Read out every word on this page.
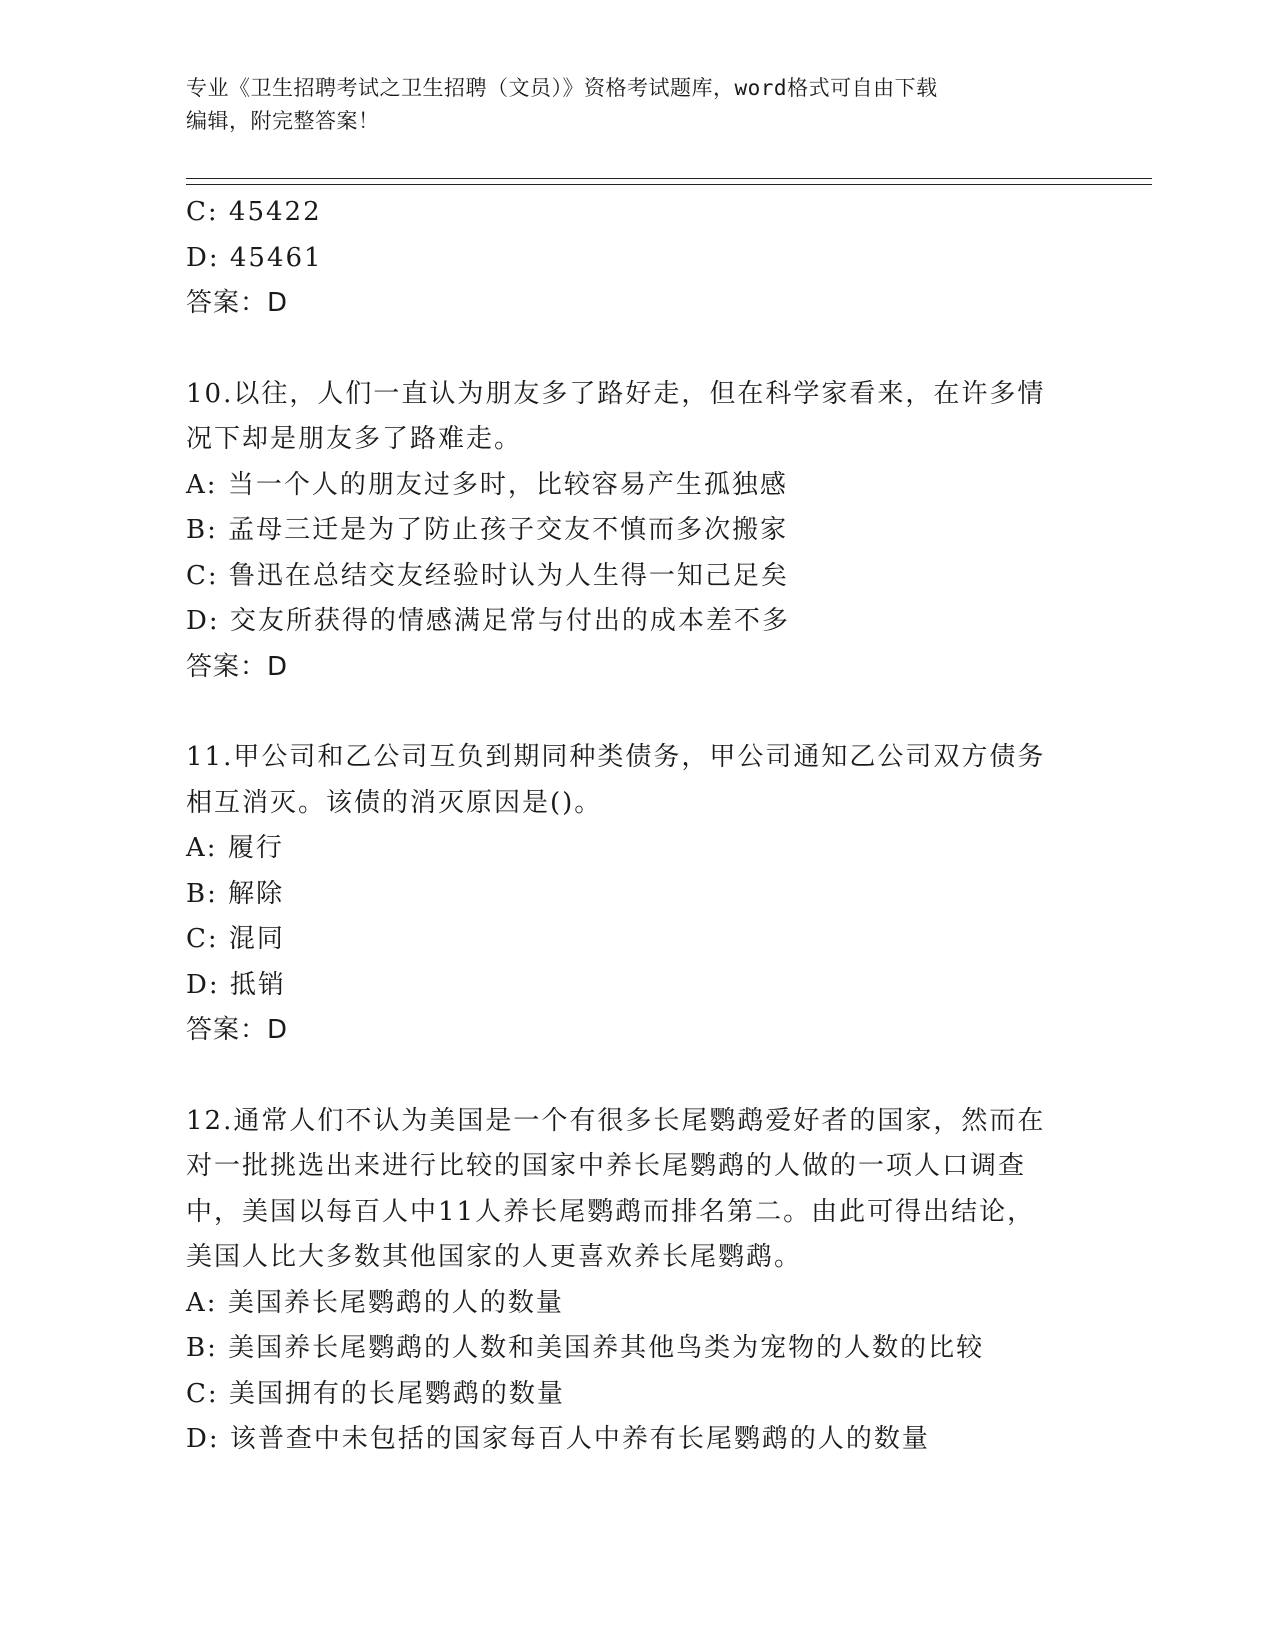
专业《卫生招聘考试之卫生招聘（文员）》资格考试题库，word格式可自由下载
编辑，附完整答案！
C: 45422
D: 45461
答案：D
10.以往，人们一直认为朋友多了路好走，但在科学家看来，在许多情
况下却是朋友多了路难走。
A: 当一个人的朋友过多时，比较容易产生孤独感
B: 孟母三迁是为了防止孩子交友不慎而多次搬家
C: 鲁迅在总结交友经验时认为人生得一知己足矣
D: 交友所获得的情感满足常与付出的成本差不多
答案：D
11.甲公司和乙公司互负到期同种类债务，甲公司通知乙公司双方债务
相互消灭。该债的消灭原因是()。
A: 履行
B: 解除
C: 混同
D: 抵销
答案：D
12.通常人们不认为美国是一个有很多长尾鹦鹉爱好者的国家，然而在
对一批挑选出来进行比较的国家中养长尾鹦鹉的人做的一项人口调查
中，美国以每百人中11人养长尾鹦鹉而排名第二。由此可得出结论，
美国人比大多数其他国家的人更喜欢养长尾鹦鹉。
A: 美国养长尾鹦鹉的人的数量
B: 美国养长尾鹦鹉的人数和美国养其他鸟类为宠物的人数的比较
C: 美国拥有的长尾鹦鹉的数量
D: 该普查中未包括的国家每百人中养有长尾鹦鹉的人的数量
